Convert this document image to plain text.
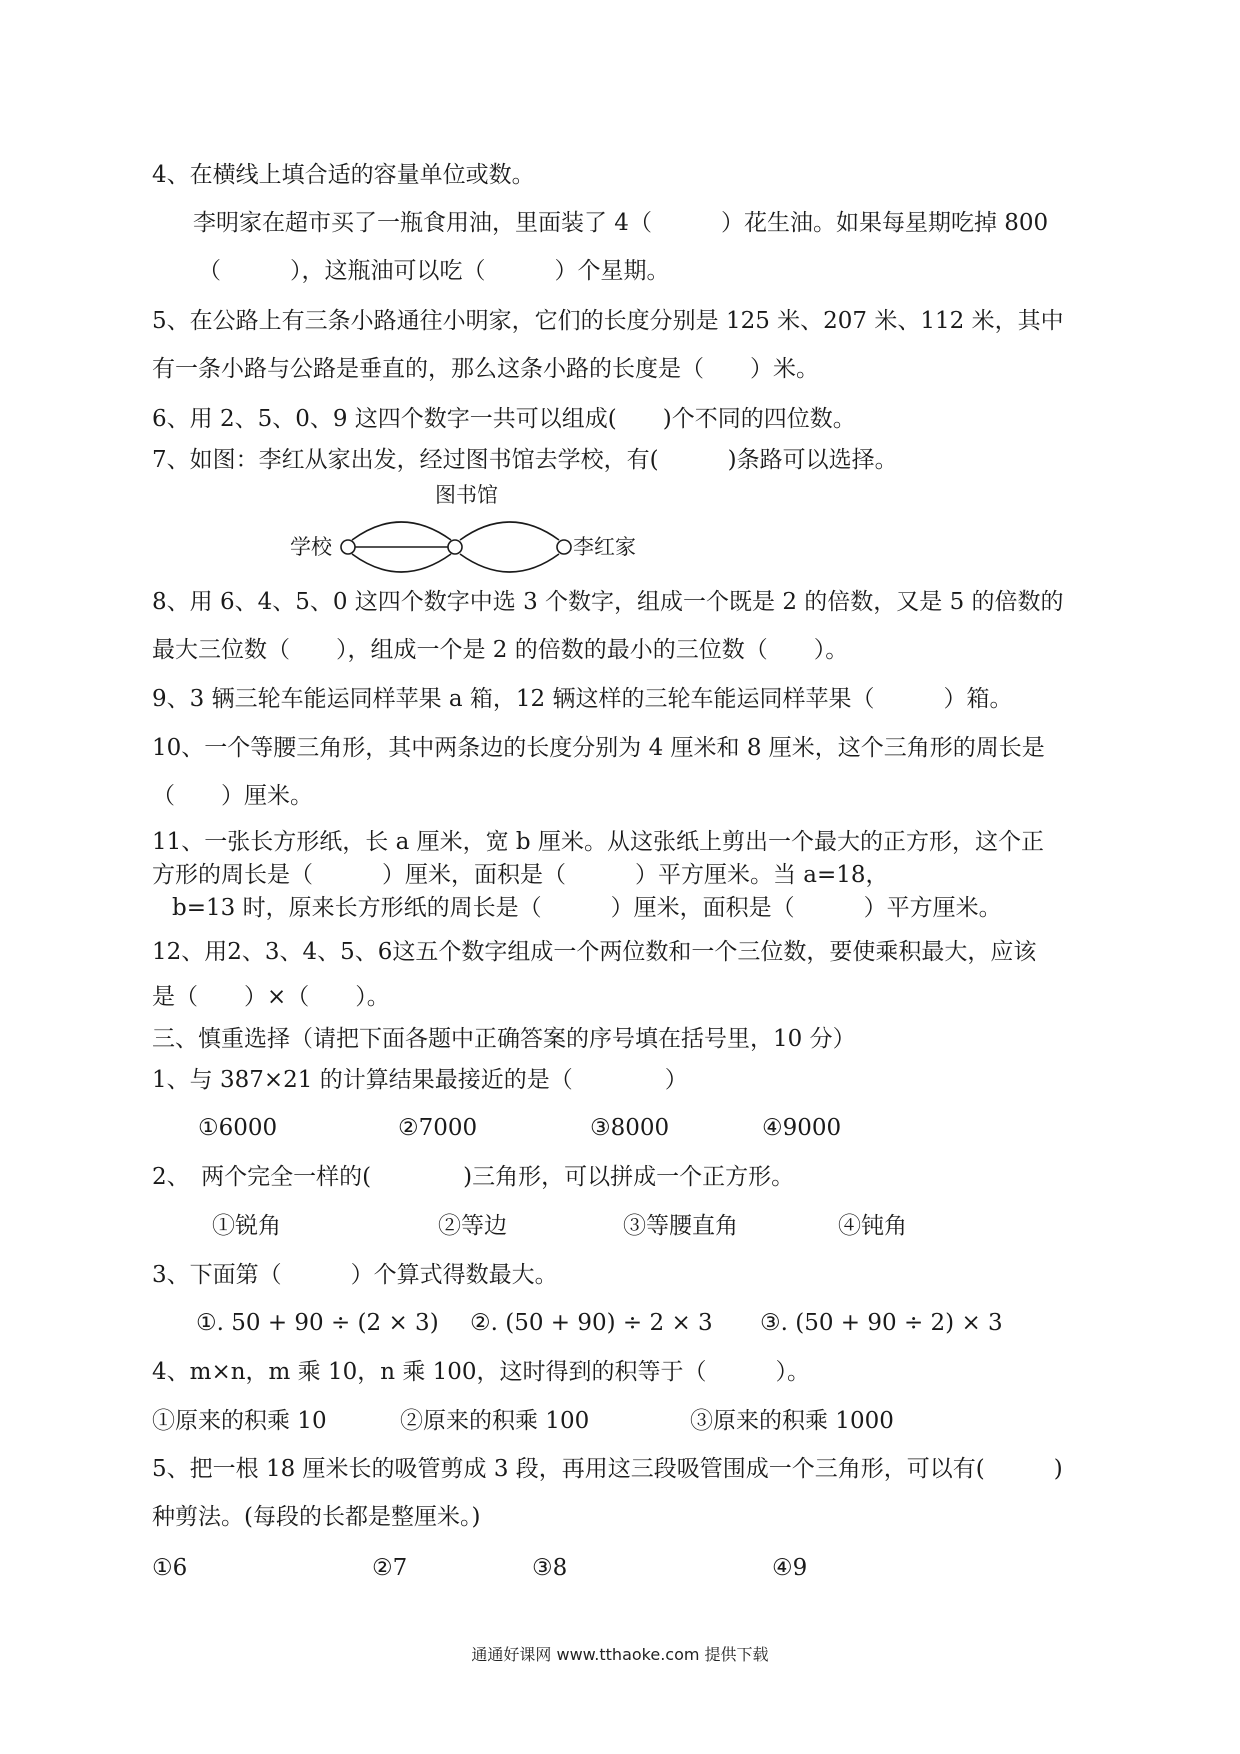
4、在横线上填合适的容量单位或数。
李明家在超市买了一瓶食用油，里面装了 4（　　　）花生油。如果每星期吃掉 800
（　　　），这瓶油可以吃（　　　）个星期。
5、在公路上有三条小路通往小明家，它们的长度分别是 125 米、207 米、112 米，其中
有一条小路与公路是垂直的，那么这条小路的长度是（　　）米。
6、用 2、5、0、9 这四个数字一共可以组成(　　)个不同的四位数。
7、如图：李红从家出发，经过图书馆去学校，有(　　　)条路可以选择。
图书馆
学校	李红家
8、用 6、4、5、0 这四个数字中选 3 个数字，组成一个既是 2 的倍数，又是 5 的倍数的
最大三位数（　　），组成一个是 2 的倍数的最小的三位数（　　）。
9、3 辆三轮车能运同样苹果 a 箱，12 辆这样的三轮车能运同样苹果（　　　）箱。
10、一个等腰三角形，其中两条边的长度分别为 4 厘米和 8 厘米，这个三角形的周长是
（　　）厘米。
11、一张长方形纸，长 a 厘米，宽 b 厘米。从这张纸上剪出一个最大的正方形，这个正
方形的周长是（　　　）厘米，面积是（　　　）平方厘米。当 a=18，
b=13 时，原来长方形纸的周长是（　　　）厘米，面积是（　　　）平方厘米。
12、用2、3、4、5、6这五个数字组成一个两位数和一个三位数，要使乘积最大，应该
是（　　）×（　　）。
三、慎重选择（请把下面各题中正确答案的序号填在括号里，10 分）
1、与 387×21 的计算结果最接近的是（　　　　）
①6000	②7000	③8000	④9000
2、　两个完全一样的(　　　　)三角形，可以拼成一个正方形。
①锐角	②等边	③等腰直角	④钝角
3、下面第（　　　）个算式得数最大。
①. 50 + 90 ÷ (2 × 3) ②. (50 + 90) ÷ 2 × 3 ③. (50 + 90 ÷ 2) × 3
4、m×n，m 乘 10，n 乘 100，这时得到的积等于（　　　）。
①原来的积乘 10	②原来的积乘 100	③原来的积乘 1000
5、把一根 18 厘米长的吸管剪成 3 段，再用这三段吸管围成一个三角形，可以有(　　　)
种剪法。(每段的长都是整厘米。)
①6	②7	③8	④9
通通好课网 www.tthaoke.com 提供下载
